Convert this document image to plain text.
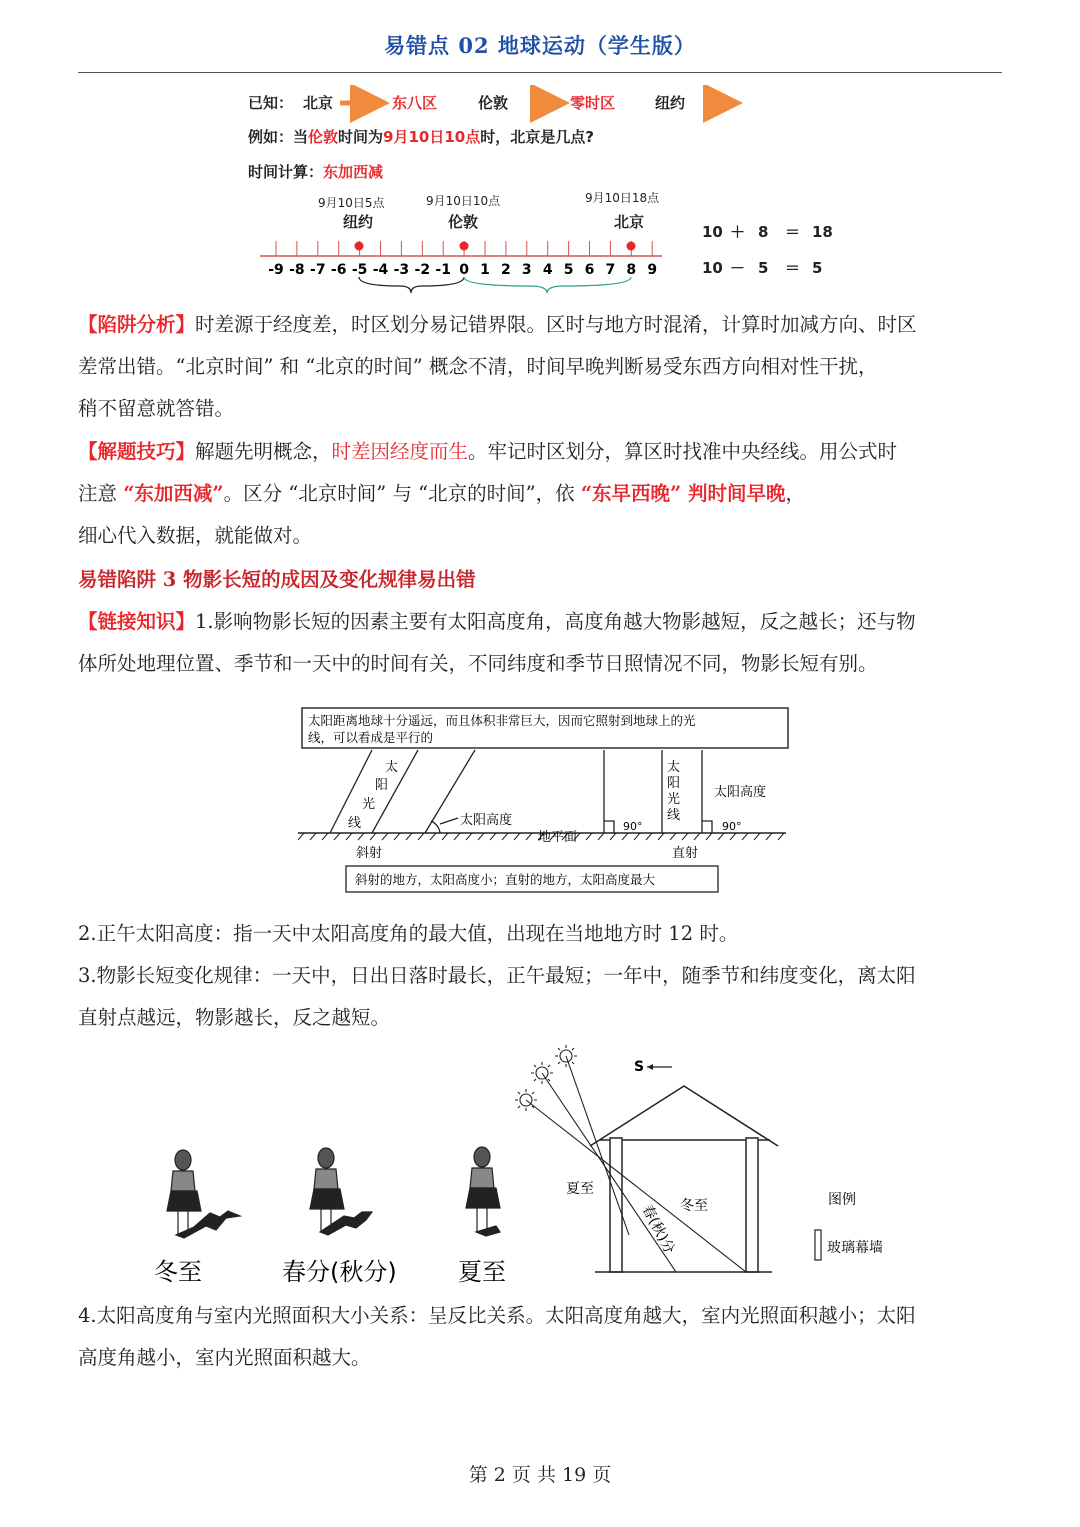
易错点 02 地球运动（学生版）
已知： 北京	东八区	伦敦	零时区	纽约
例如：当伦敦时间为9月10日10点时，北京是几点?
时间计算：东加西减
9月10日5点	9月10日10点	9月10日18点
纽约	伦敦	北京
-9 -8 -7 -6 -5 -4 -3 -2 -1 0 1 2 3 4 5 6 7 8 9
10 ＋ 8 ＝ 18
10 － 5 ＝ 5
【陷阱分析】时差源于经度差，时区划分易记错界限。区时与地方时混淆，计算时加减方向、时区
差常出错。“北京时间” 和 “北京的时间” 概念不清，时间早晚判断易受东西方向相对性干扰，
稍不留意就答错。
【解题技巧】解题先明概念，时差因经度而生。牢记时区划分，算区时找准中央经线。用公式时
注意 “东加西减”。区分 “北京时间” 与 “北京的时间”，依 “东早西晚” 判时间早晚，
细心代入数据，就能做对。
易错陷阱 3 物影长短的成因及变化规律易出错
【链接知识】1.影响物影长短的因素主要有太阳高度角，高度角越大物影越短，反之越长；还与物
体所处地理位置、季节和一天中的时间有关，不同纬度和季节日照情况不同，物影长短有别。
太阳距离地球十分遥远，而且体积非常巨大，因而它照射到地球上的光
线，可以看成是平行的
太
阳
光
线	太阳高度
地平面
斜射
太
阳
光
线
太阳高度
90°	90°
直射
斜射的地方，太阳高度小；直射的地方，太阳高度最大
2.正午太阳高度：指一天中太阳高度角的最大值，出现在当地地方时 12 时。
3.物影长短变化规律：一天中，日出日落时最长，正午最短；一年中，随季节和纬度变化，离太阳
直射点越远，物影越长，反之越短。
冬至	春分(秋分)	夏至
S
夏至
冬至
春(秋)分
图例
玻璃幕墙
4.太阳高度角与室内光照面积大小关系：呈反比关系。太阳高度角越大，室内光照面积越小；太阳
高度角越小，室内光照面积越大。
第 2 页 共 19 页
